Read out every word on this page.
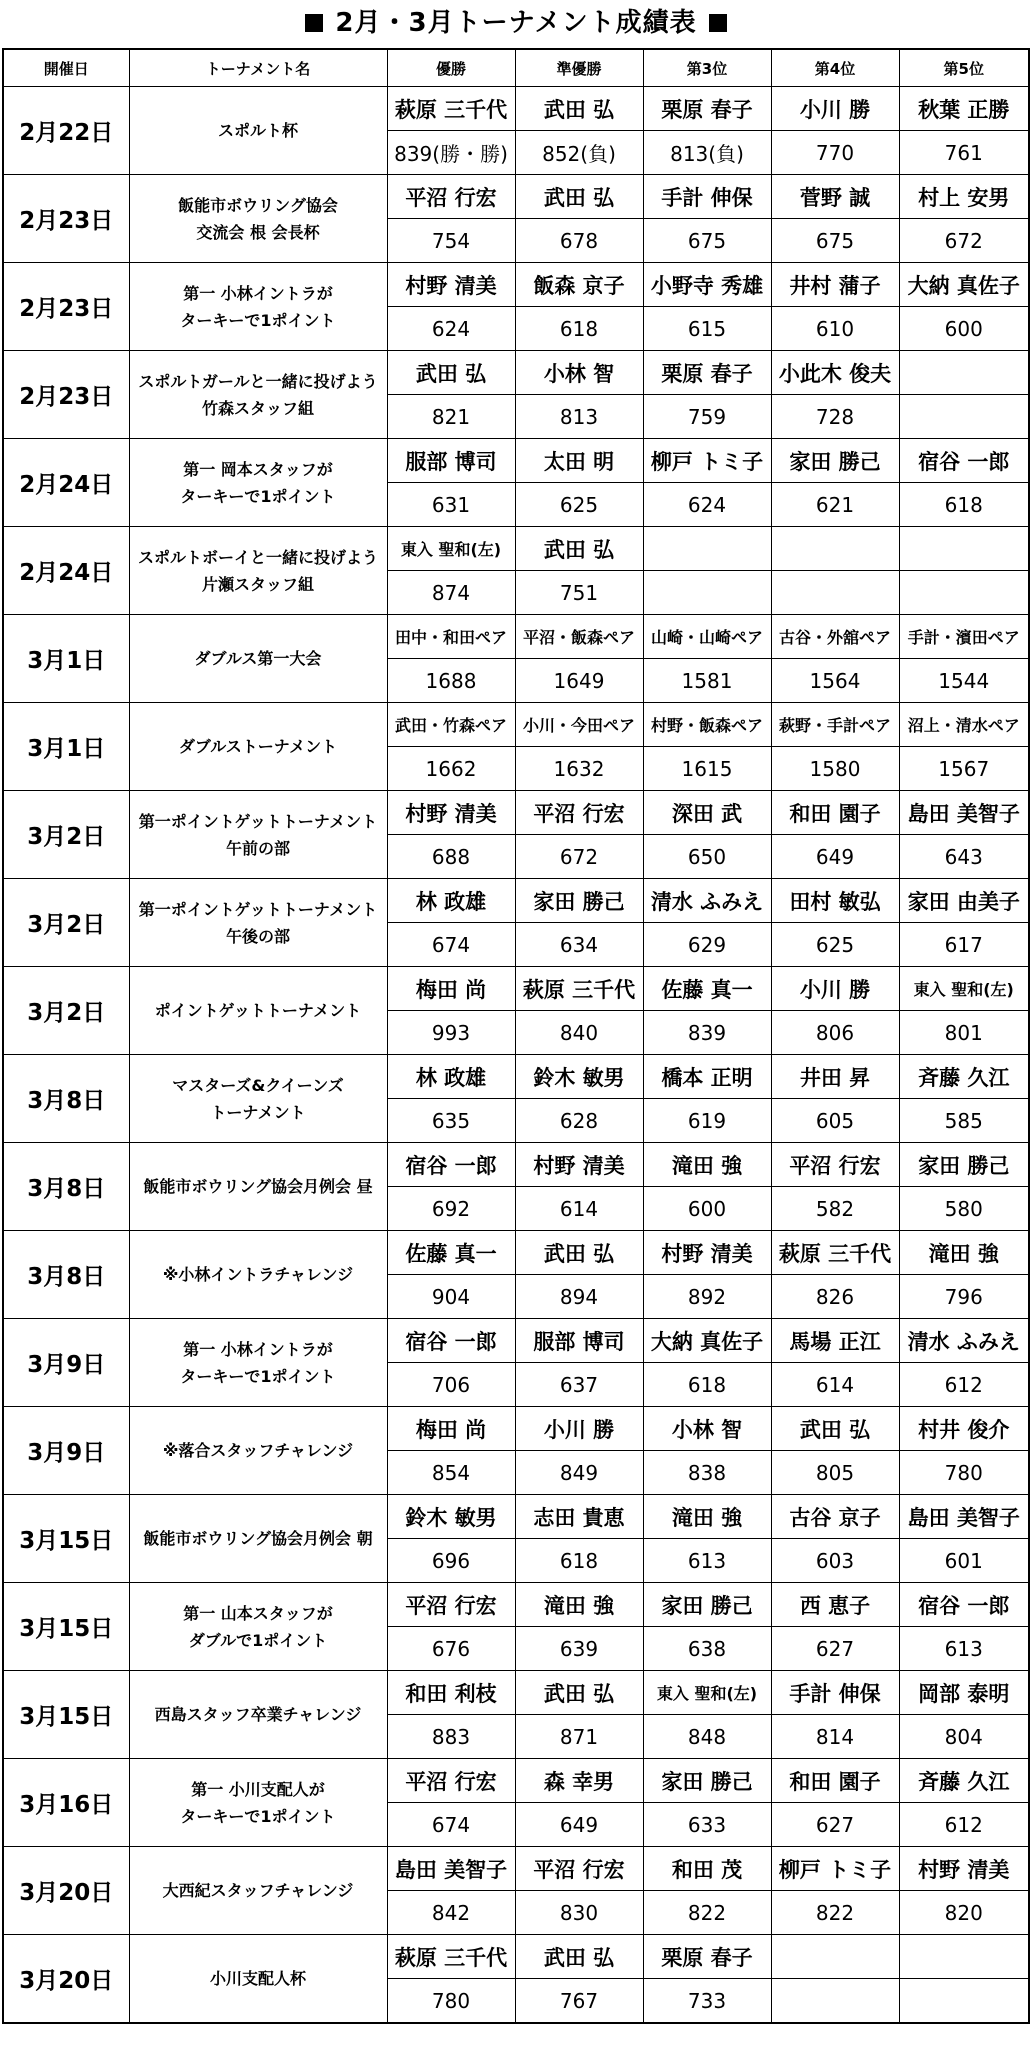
2月・3月トーナメント成績表
開催日	トーナメント名	優勝	準優勝	第3位	第4位	第5位
2月22日	スポルト杯	萩原 三千代	武田 弘	栗原 春子	小川 勝	秋葉 正勝
		839(勝・勝)	852(負)	813(負)	770	761
2月23日	飯能市ボウリング協会
交流会 根 会長杯	平沼 行宏	武田 弘	手計 伸保	菅野 誠	村上 安男
		754	678	675	675	672
2月23日	第一 小林イントラが
ターキーで1ポイント	村野 清美	飯森 京子	小野寺 秀雄	井村 蒲子	大納 真佐子
		624	618	615	610	600
2月23日	スポルトガールと一緒に投げよう
竹森スタッフ組	武田 弘	小林 智	栗原 春子	小此木 俊夫	
		821	813	759	728	
2月24日	第一 岡本スタッフが
ターキーで1ポイント	服部 博司	太田 明	柳戸 トミ子	家田 勝己	宿谷 一郎
		631	625	624	621	618
2月24日	スポルトボーイと一緒に投げよう
片瀬スタッフ組	東入 聖和(左)	武田 弘			
		874	751			
3月1日	ダブルス第一大会	田中・和田ペア	平沼・飯森ペア	山崎・山崎ペア	古谷・外舘ペア	手計・濱田ペア
		1688	1649	1581	1564	1544
3月1日	ダブルストーナメント	武田・竹森ペア	小川・今田ペア	村野・飯森ペア	萩野・手計ペア	沼上・清水ペア
		1662	1632	1615	1580	1567
3月2日	第一ポイントゲットトーナメント
午前の部	村野 清美	平沼 行宏	深田 武	和田 園子	島田 美智子
		688	672	650	649	643
3月2日	第一ポイントゲットトーナメント
午後の部	林 政雄	家田 勝己	清水 ふみえ	田村 敏弘	家田 由美子
		674	634	629	625	617
3月2日	ポイントゲットトーナメント	梅田 尚	萩原 三千代	佐藤 真一	小川 勝	東入 聖和(左)
		993	840	839	806	801
3月8日	マスターズ&クイーンズ
トーナメント	林 政雄	鈴木 敏男	橋本 正明	井田 昇	斉藤 久江
		635	628	619	605	585
3月8日	飯能市ボウリング協会月例会 昼	宿谷 一郎	村野 清美	滝田 強	平沼 行宏	家田 勝己
		692	614	600	582	580
3月8日	※小林イントラチャレンジ	佐藤 真一	武田 弘	村野 清美	萩原 三千代	滝田 強
		904	894	892	826	796
3月9日	第一 小林イントラが
ターキーで1ポイント	宿谷 一郎	服部 博司	大納 真佐子	馬場 正江	清水 ふみえ
		706	637	618	614	612
3月9日	※落合スタッフチャレンジ	梅田 尚	小川 勝	小林 智	武田 弘	村井 俊介
		854	849	838	805	780
3月15日	飯能市ボウリング協会月例会 朝	鈴木 敏男	志田 貴恵	滝田 強	古谷 京子	島田 美智子
		696	618	613	603	601
3月15日	第一 山本スタッフが
ダブルで1ポイント	平沼 行宏	滝田 強	家田 勝己	西 恵子	宿谷 一郎
		676	639	638	627	613
3月15日	西島スタッフ卒業チャレンジ	和田 利枝	武田 弘	東入 聖和(左)	手計 伸保	岡部 泰明
		883	871	848	814	804
3月16日	第一 小川支配人が
ターキーで1ポイント	平沼 行宏	森 幸男	家田 勝己	和田 園子	斉藤 久江
		674	649	633	627	612
3月20日	大西紀スタッフチャレンジ	島田 美智子	平沼 行宏	和田 茂	柳戸 トミ子	村野 清美
		842	830	822	822	820
3月20日	小川支配人杯	萩原 三千代	武田 弘	栗原 春子		
		780	767	733		
